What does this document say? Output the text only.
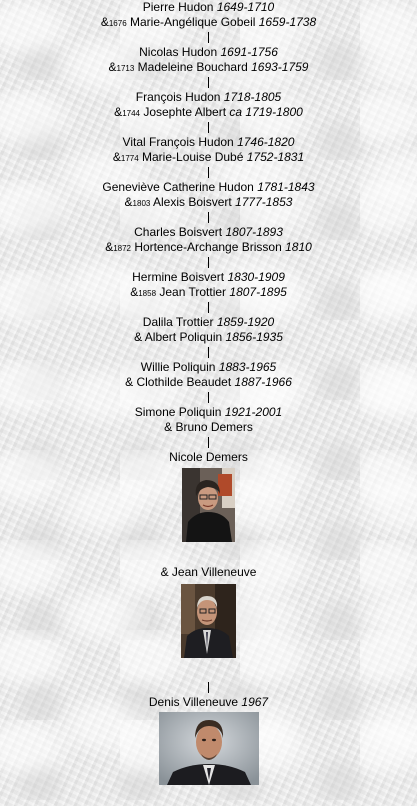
Pierre Hudon 1649-1710
&1676 Marie-Angélique Gobeil 1659-1738
Nicolas Hudon 1691-1756
&1713 Madeleine Bouchard 1693-1759
François Hudon 1718-1805
&1744 Josephte Albert ca 1719-1800
Vital François Hudon 1746-1820
&1774 Marie-Louise Dubé 1752-1831
Geneviève Catherine Hudon 1781-1843
&1803 Alexis Boisvert 1777-1853
Charles Boisvert 1807-1893
&1872 Hortence-Archange Brisson 1810
Hermine Boisvert 1830-1909
&1858 Jean Trottier 1807-1895
Dalila Trottier 1859-1920
& Albert Poliquin 1856-1935
Willie Poliquin 1883-1965
& Clothilde Beaudet 1887-1966
Simone Poliquin 1921-2001
& Bruno Demers
Nicole Demers
& Jean Villeneuve
Denis Villeneuve 1967
